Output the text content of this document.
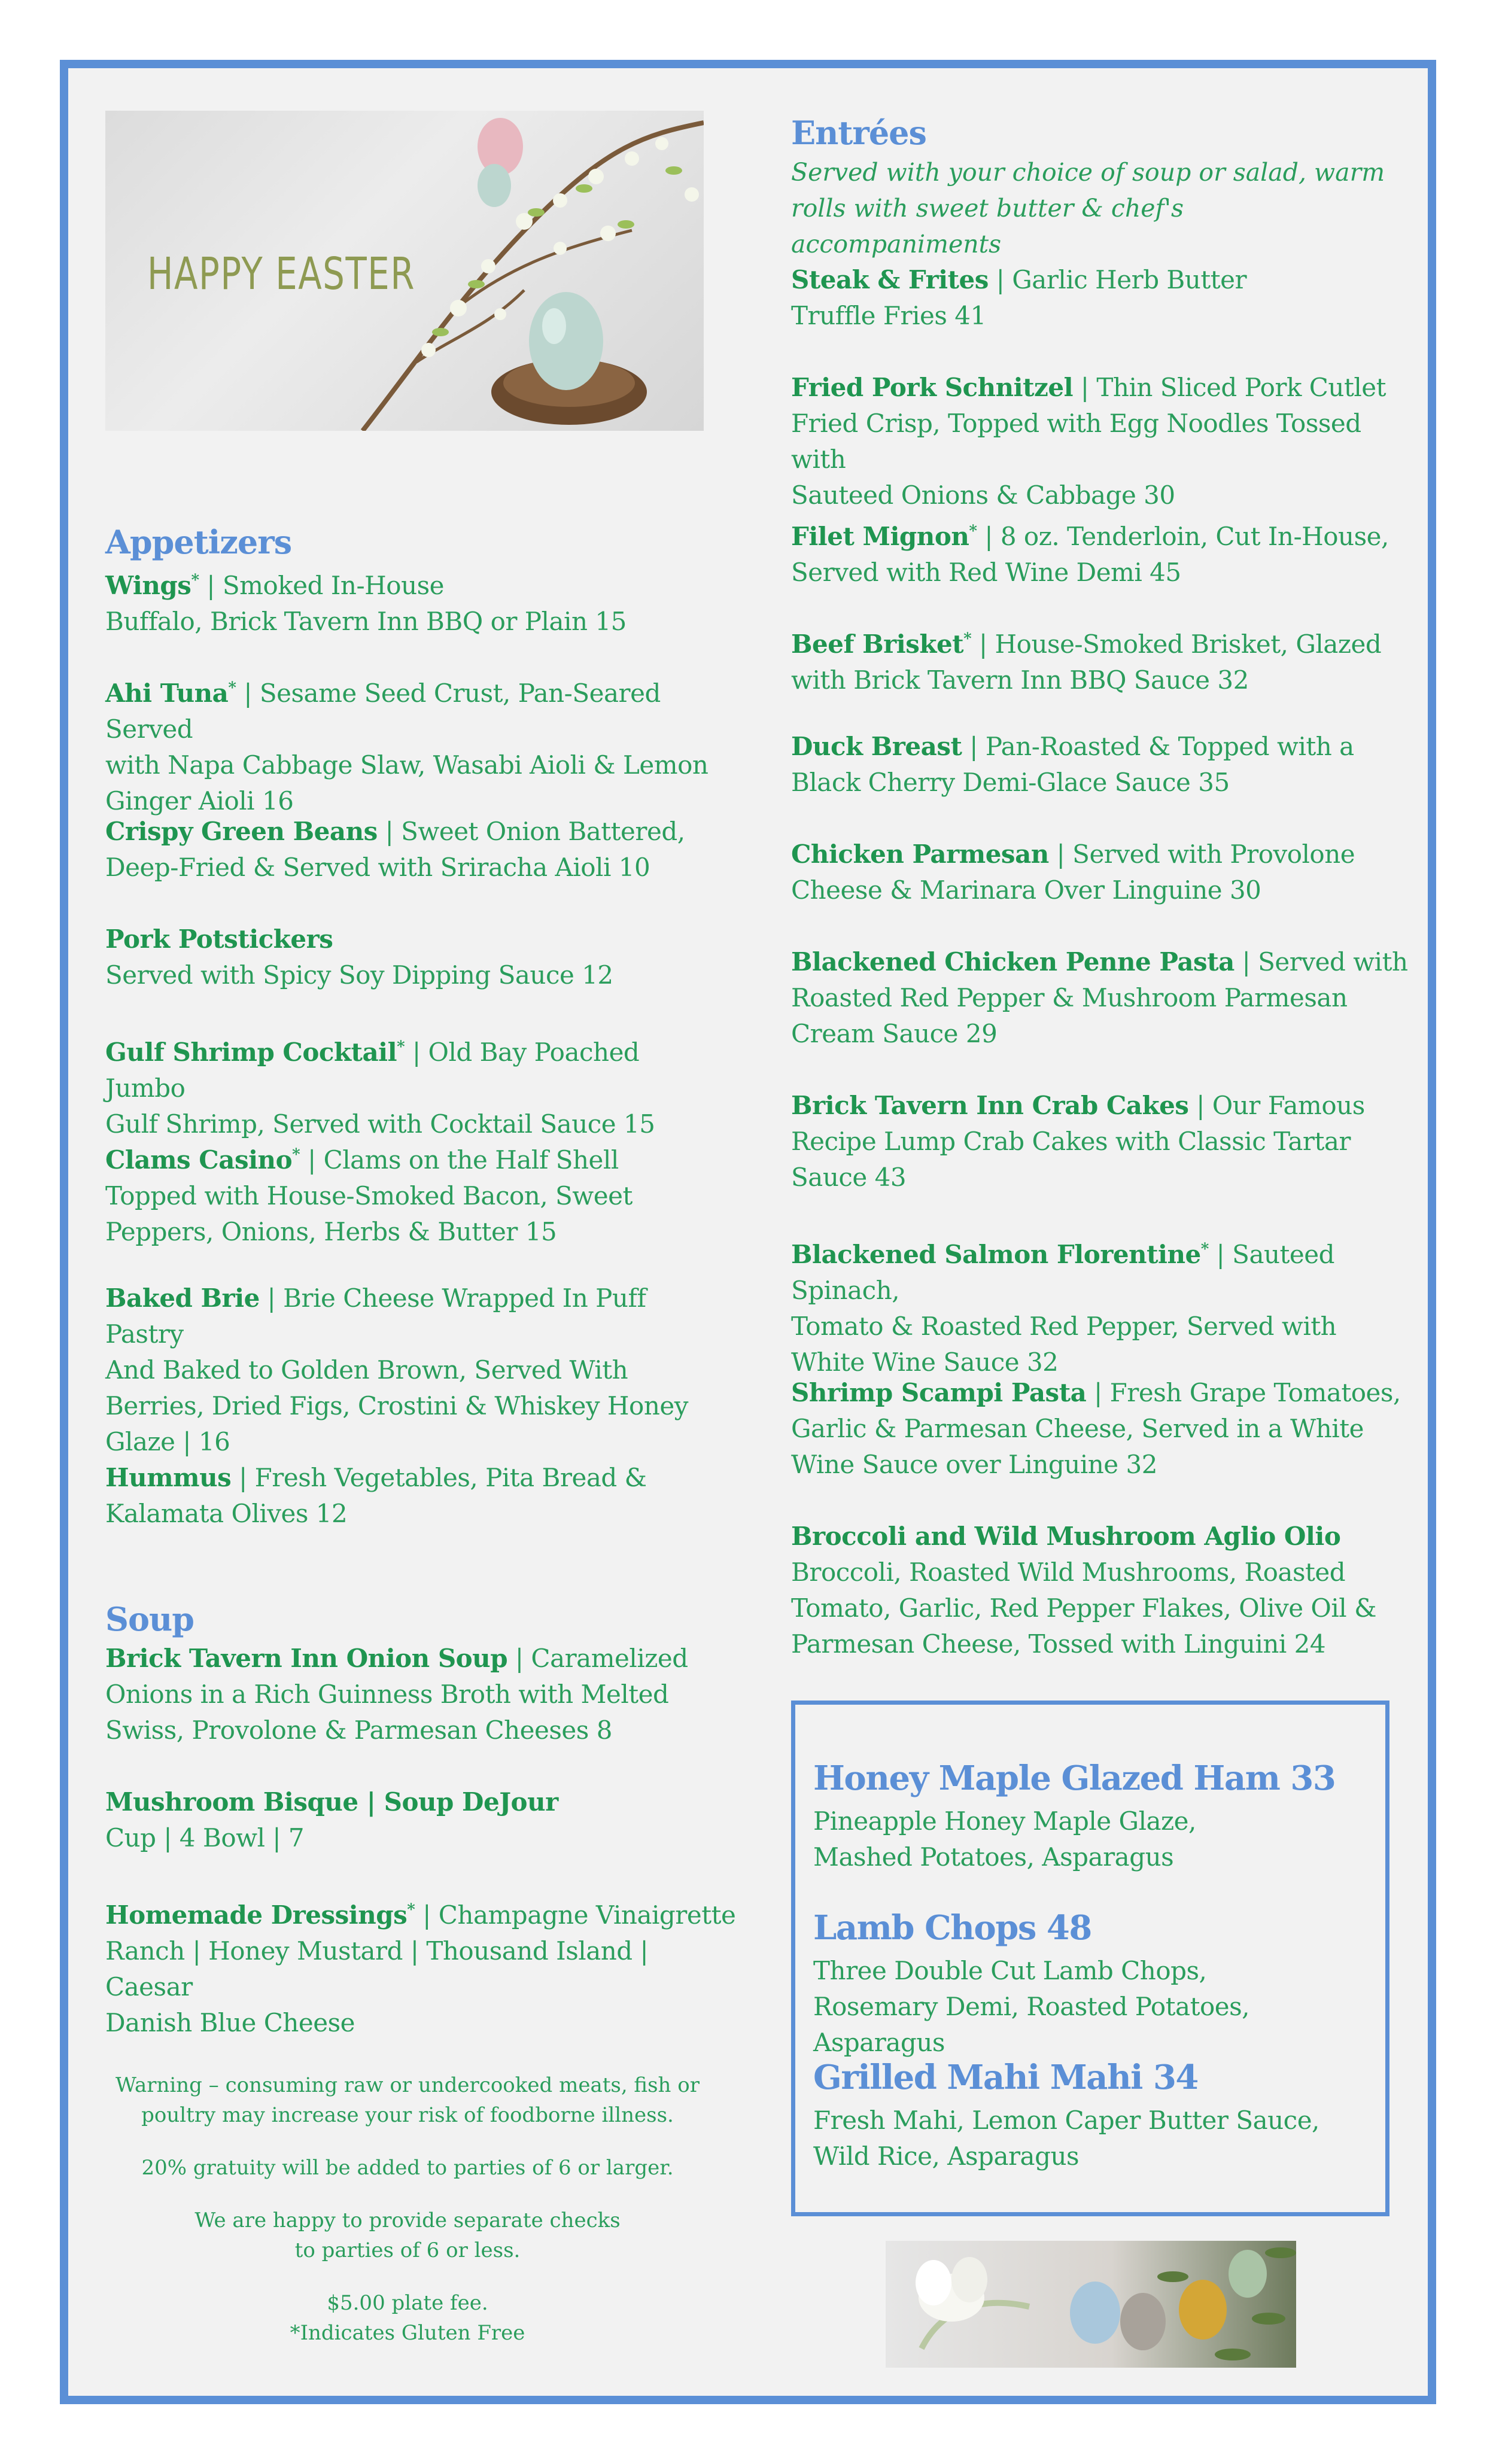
HAPPY EASTER
Appetizers
Wings* | Smoked In-House
Buffalo, Brick Tavern Inn BBQ or Plain 15
Ahi Tuna* | Sesame Seed Crust, Pan-Seared Served
with Napa Cabbage Slaw, Wasabi Aioli & Lemon
Ginger Aioli 16
Crispy Green Beans | Sweet Onion Battered,
Deep-Fried & Served with Sriracha Aioli 10
Pork Potstickers
Served with Spicy Soy Dipping Sauce 12
Gulf Shrimp Cocktail* | Old Bay Poached Jumbo
Gulf Shrimp, Served with Cocktail Sauce 15
Clams Casino* | Clams on the Half Shell
Topped with House-Smoked Bacon, Sweet
Peppers, Onions, Herbs & Butter 15
Baked Brie | Brie Cheese Wrapped In Puff Pastry
And Baked to Golden Brown, Served With
Berries, Dried Figs, Crostini & Whiskey Honey
Glaze | 16
Hummus | Fresh Vegetables, Pita Bread &
Kalamata Olives 12
Soup
Brick Tavern Inn Onion Soup | Caramelized
Onions in a Rich Guinness Broth with Melted
Swiss, Provolone & Parmesan Cheeses 8
Mushroom Bisque | Soup DeJour
Cup | 4 Bowl | 7
Homemade Dressings* | Champagne Vinaigrette
Ranch | Honey Mustard | Thousand Island | Caesar
Danish Blue Cheese

Warning – consuming raw or undercooked meats, fish or
poultry may increase your risk of foodborne illness.

20% gratuity will be added to parties of 6 or larger.

We are happy to provide separate checks
to parties of 6 or less.

$5.00 plate fee.
*Indicates Gluten Free

Entrées
Served with your choice of soup or salad, warm
rolls with sweet butter & chef's accompaniments
Steak & Frites | Garlic Herb Butter
Truffle Fries 41
Fried Pork Schnitzel | Thin Sliced Pork Cutlet
Fried Crisp, Topped with Egg Noodles Tossed with
Sauteed Onions & Cabbage 30
Filet Mignon* | 8 oz. Tenderloin, Cut In-House,
Served with Red Wine Demi 45
Beef Brisket* | House-Smoked Brisket, Glazed
with Brick Tavern Inn BBQ Sauce 32
Duck Breast | Pan-Roasted & Topped with a
Black Cherry Demi-Glace Sauce 35
Chicken Parmesan | Served with Provolone
Cheese & Marinara Over Linguine 30
Blackened Chicken Penne Pasta | Served with
Roasted Red Pepper & Mushroom Parmesan
Cream Sauce 29
Brick Tavern Inn Crab Cakes | Our Famous
Recipe Lump Crab Cakes with Classic Tartar
Sauce 43
Blackened Salmon Florentine* | Sauteed Spinach,
Tomato & Roasted Red Pepper, Served with
White Wine Sauce 32
Shrimp Scampi Pasta | Fresh Grape Tomatoes,
Garlic & Parmesan Cheese, Served in a White
Wine Sauce over Linguine 32
Broccoli and Wild Mushroom Aglio Olio
Broccoli, Roasted Wild Mushrooms, Roasted
Tomato, Garlic, Red Pepper Flakes, Olive Oil &
Parmesan Cheese, Tossed with Linguini 24
Honey Maple Glazed Ham 33
Pineapple Honey Maple Glaze,
Mashed Potatoes, Asparagus
Lamb Chops 48
Three Double Cut Lamb Chops,
Rosemary Demi, Roasted Potatoes, Asparagus
Grilled Mahi Mahi 34
Fresh Mahi, Lemon Caper Butter Sauce,
Wild Rice, Asparagus
